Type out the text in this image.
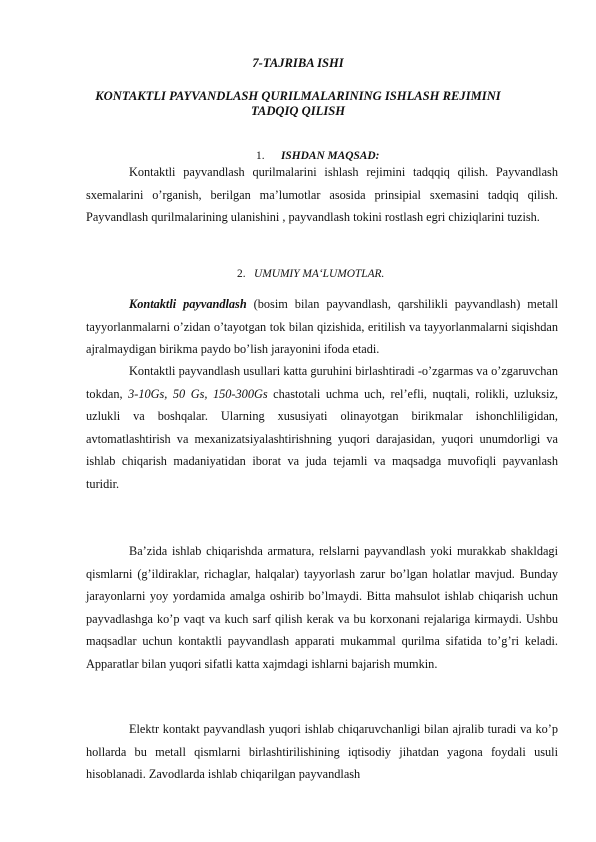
7-TAJRIBA ISHI
KONTAKTLI PAYVANDLASH QURILMALARINING ISHLASH REJIMINI TADQIQ QILISH
1. ISHDAN MAQSAD:

Kontaktli payvandlash qurilmalarini ishlash rejimini tadqqiq qilish. Payvandlash sxemalarini o’rganish, berilgan ma’lumotlar asosida prinsipial sxemasini tadqiq qilish. Payvandlash qurilmalarining ulanishini , payvandlash tokini rostlash egri chiziqlarini tuzish.

2. UMUMIY MA‘LUMOTLAR.

Kontaktli payvandlash (bosim bilan payvandlash, qarshilikli payvandlash) metall tayyorlanmalarni o’zidan o’tayotgan tok bilan qizishida, eritilish va tayyorlanmalarni siqishdan ajralmaydigan birikma paydo bo’lish jarayonini ifoda etadi.

Kontaktli payvandlash usullari katta guruhini birlashtiradi -o’zgarmas va o’zgaruvchan tokdan, 3-10Gs, 50 Gs, 150-300Gs chastotali uchma uch, rel’efli, nuqtali, rolikli, uzluksiz, uzlukli va boshqalar. Ularning xususiyati olinayotgan birikmalar ishonchliligidan, avtomatlashtirish va mexanizatsiyalashtirishning yuqori darajasidan, yuqori unumdorligi va ishlab chiqarish madaniyatidan iborat va juda tejamli va maqsadga muvofiqli payvanlash turidir.

Ba’zida ishlab chiqarishda armatura, relslarni payvandlash yoki murakkab shakldagi qismlarni (g’ildiraklar, richaglar, halqalar) tayyorlash zarur bo’lgan holatlar mavjud. Bunday jarayonlarni yoy yordamida amalga oshirib bo’lmaydi. Bitta mahsulot ishlab chiqarish uchun payvadlashga ko’p vaqt va kuch sarf qilish kerak va bu korxonani rejalariga kirmaydi. Ushbu maqsadlar uchun kontaktli payvandlash apparati mukammal qurilma sifatida to’g’ri keladi. Apparatlar bilan yuqori sifatli katta xajmdagi ishlarni bajarish mumkin.

Elektr kontakt payvandlash yuqori ishlab chiqaruvchanligi bilan ajralib turadi va ko’p hollarda bu metall qismlarni birlashtirilishining iqtisodiy jihatdan yagona foydali usuli hisoblanadi. Zavodlarda ishlab chiqarilgan payvandlash
